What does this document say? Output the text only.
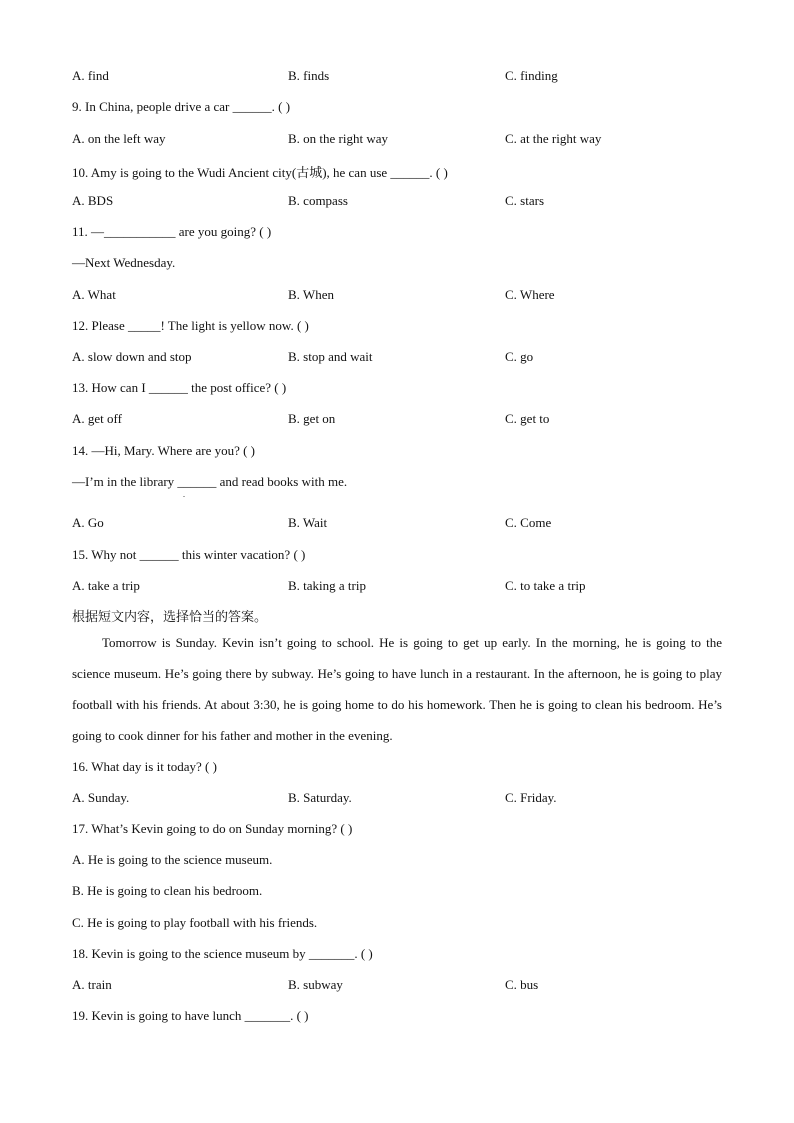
A. find	B. finds	C. finding
9. In China, people drive a car ______. ( )
A. on the left way	B. on the right way	C. at the right way
10. Amy is going to the Wudi Ancient city(古城), he can use ______. ( )
A. BDS	B. compass	C. stars
11. —___________ are you going? ( )
—Next Wednesday.
A. What	B. When	C. Where
12. Please _____! The light is yellow now. ( )
A. slow down and stop	B. stop and wait	C. go
13. How can I ______ the post office? ( )
A. get off	B. get on	C. get to
14. —Hi, Mary. Where are you? ( )
—I’m in the library ______ and read books with me.
.
A. Go	B. Wait	C. Come
15. Why not ______ this winter vacation? ( )
A. take a trip	B. taking a trip	C. to take a trip
根据短文内容，选择恰当的答案。
Tomorrow is Sunday. Kevin isn’t going to school. He is going to get up early. In the morning, he is going to the science museum. He’s going there by subway. He’s going to have lunch in a restaurant. In the afternoon, he is going to play football with his friends. At about 3:30, he is going home to do his homework. Then he is going to clean his bedroom. He’s going to cook dinner for his father and mother in the evening.
16. What day is it today? ( )
A. Sunday.	B. Saturday.	C. Friday.
17. What’s Kevin going to do on Sunday morning? ( )
A. He is going to the science museum.
B. He is going to clean his bedroom.
C. He is going to play football with his friends.
18. Kevin is going to the science museum by _______. ( )
A. train	B. subway	C. bus
19. Kevin is going to have lunch _______. ( )
